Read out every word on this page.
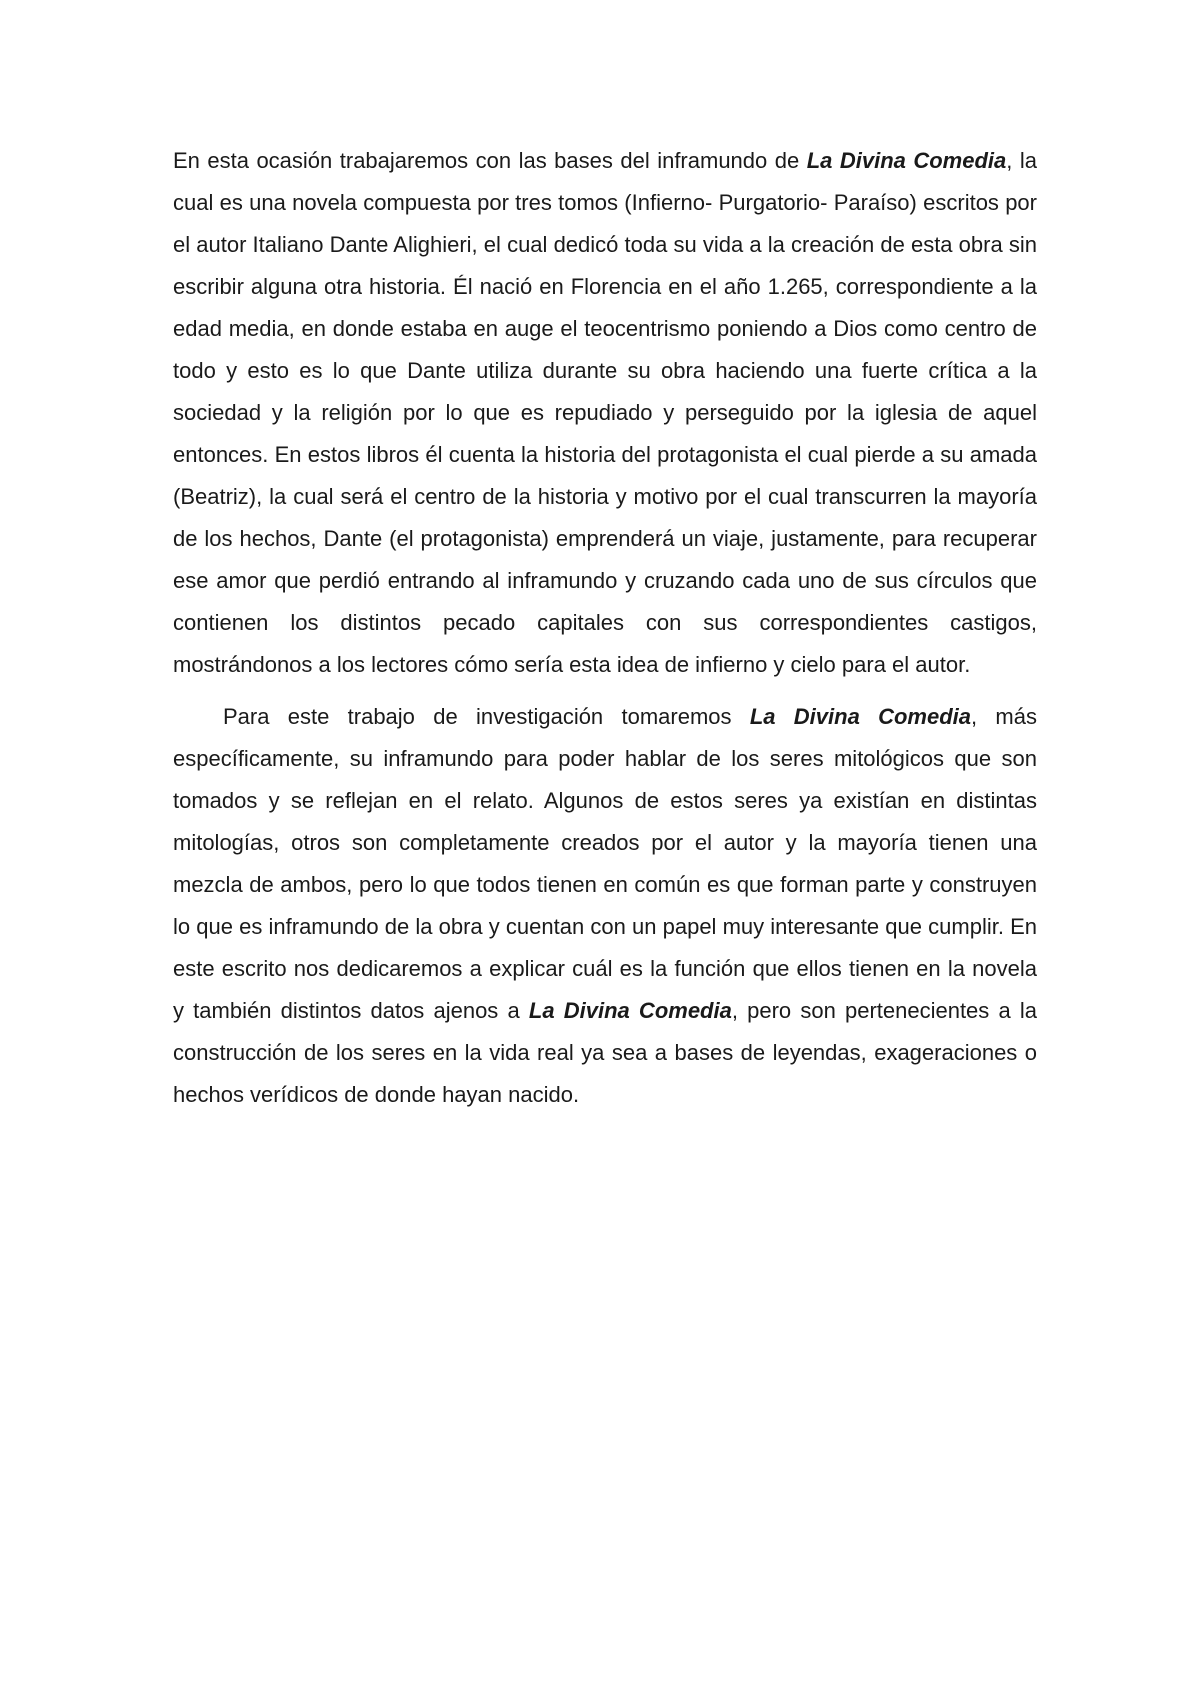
En esta ocasión trabajaremos con las bases del inframundo de La Divina Comedia, la cual es una novela compuesta por tres tomos (Infierno- Purgatorio- Paraíso) escritos por el autor Italiano Dante Alighieri, el cual dedicó toda su vida a la creación de esta obra sin escribir alguna otra historia. Él nació en Florencia en el año 1.265, correspondiente a la edad media, en donde estaba en auge el teocentrismo poniendo a Dios como centro de todo y esto es lo que Dante utiliza durante su obra haciendo una fuerte crítica a la sociedad y la religión por lo que es repudiado y perseguido por la iglesia de aquel entonces. En estos libros él cuenta la historia del protagonista el cual pierde a su amada (Beatriz), la cual será el centro de la historia y motivo por el cual transcurren la mayoría de los hechos, Dante (el protagonista) emprenderá un viaje, justamente, para recuperar ese amor que perdió entrando al inframundo y cruzando cada uno de sus círculos que contienen los distintos pecado capitales con sus correspondientes castigos, mostrándonos a los lectores cómo sería esta idea de infierno y cielo para el autor.

Para este trabajo de investigación tomaremos La Divina Comedia, más específicamente, su inframundo para poder hablar de los seres mitológicos que son tomados y se reflejan en el relato. Algunos de estos seres ya existían en distintas mitologías, otros son completamente creados por el autor y la mayoría tienen una mezcla de ambos, pero lo que todos tienen en común es que forman parte y construyen lo que es inframundo de la obra y cuentan con un papel muy interesante que cumplir. En este escrito nos dedicaremos a explicar cuál es la función que ellos tienen en la novela y también distintos datos ajenos a La Divina Comedia, pero son pertenecientes a la construcción de los seres en la vida real ya sea a bases de leyendas, exageraciones o hechos verídicos de donde hayan nacido.
